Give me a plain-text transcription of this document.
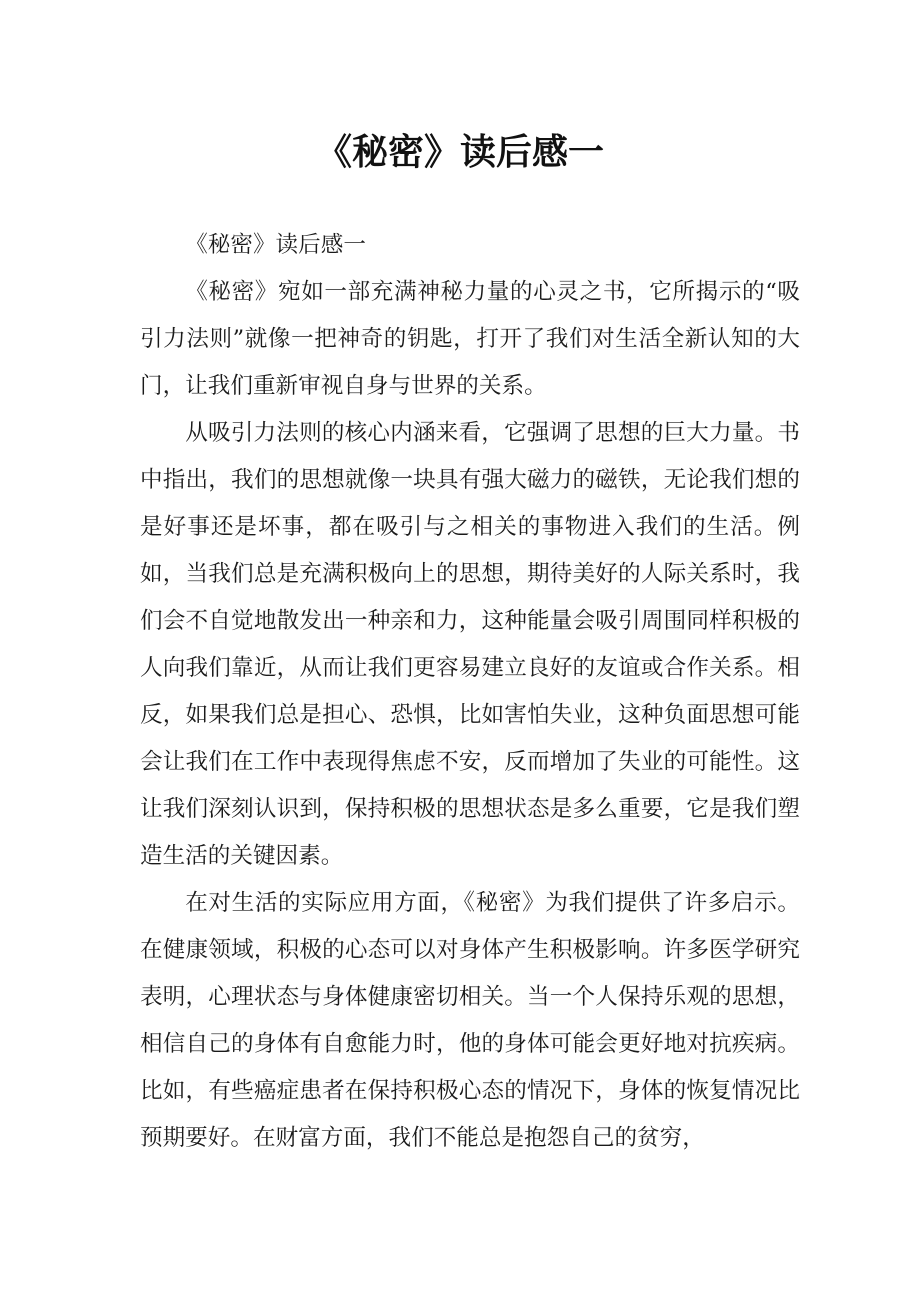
《秘密》读后感一

《秘密》读后感一

《秘密》宛如一部充满神秘力量的心灵之书，它所揭示的“吸引力法则”就像一把神奇的钥匙，打开了我们对生活全新认知的大门，让我们重新审视自身与世界的关系。

从吸引力法则的核心内涵来看，它强调了思想的巨大力量。书中指出，我们的思想就像一块具有强大磁力的磁铁，无论我们想的是好事还是坏事，都在吸引与之相关的事物进入我们的生活。例如，当我们总是充满积极向上的思想，期待美好的人际关系时，我们会不自觉地散发出一种亲和力，这种能量会吸引周围同样积极的人向我们靠近，从而让我们更容易建立良好的友谊或合作关系。相反，如果我们总是担心、恐惧，比如害怕失业，这种负面思想可能会让我们在工作中表现得焦虑不安，反而增加了失业的可能性。这让我们深刻认识到，保持积极的思想状态是多么重要，它是我们塑造生活的关键因素。

在对生活的实际应用方面，《秘密》为我们提供了许多启示。在健康领域，积极的心态可以对身体产生积极影响。许多医学研究表明，心理状态与身体健康密切相关。当一个人保持乐观的思想，相信自己的身体有自愈能力时，他的身体可能会更好地对抗疾病。比如，有些癌症患者在保持积极心态的情况下，身体的恢复情况比预期要好。在财富方面，我们不能总是抱怨自己的贫穷，
